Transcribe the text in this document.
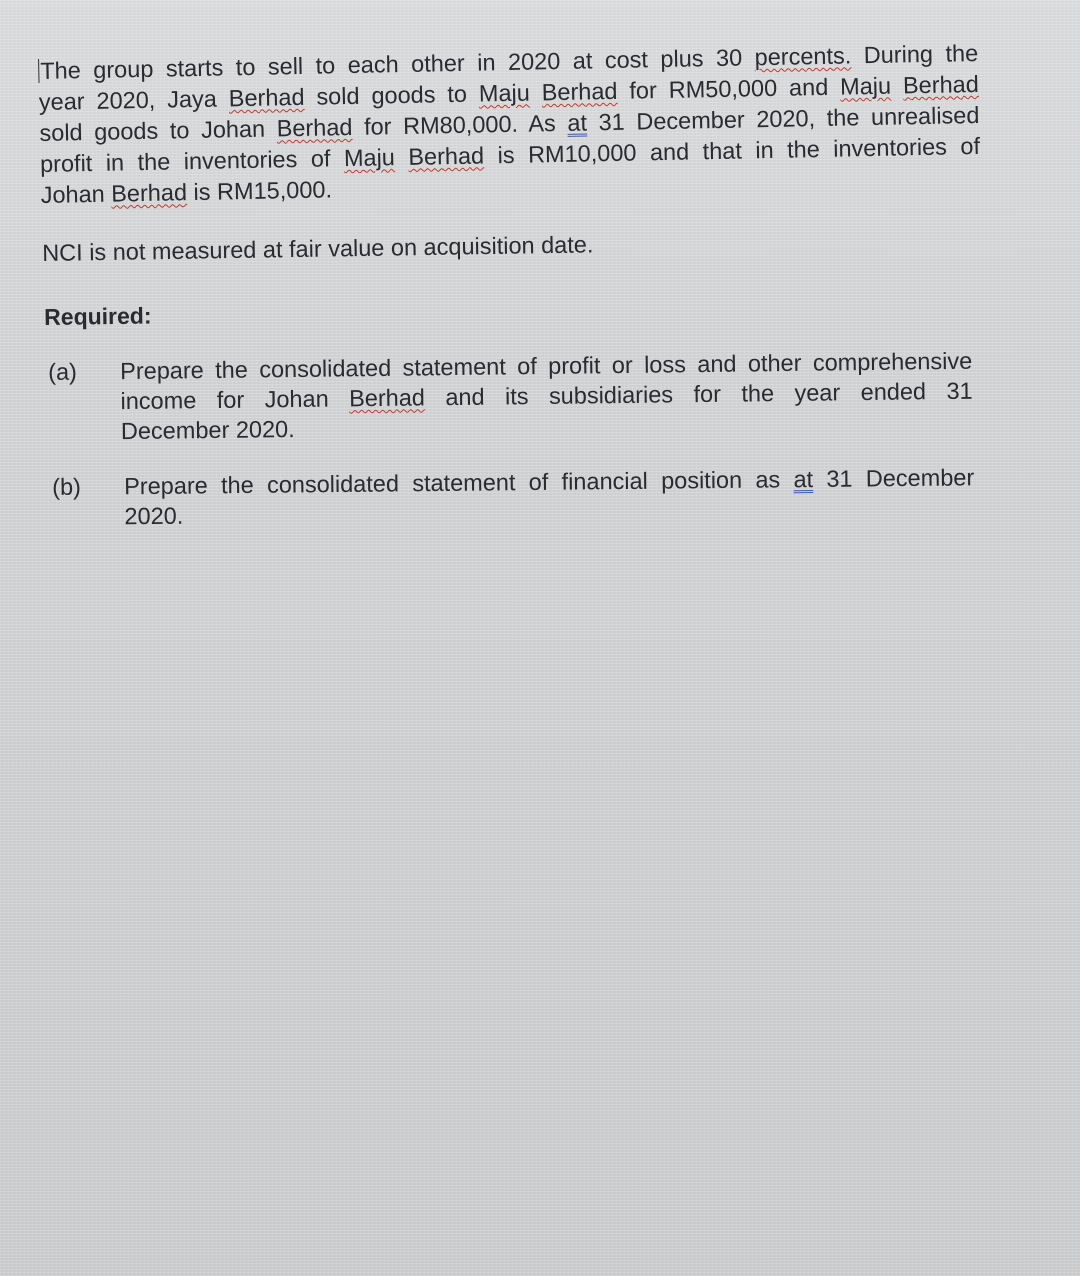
The group starts to sell to each other in 2020 at cost plus 30 percents. During the
year 2020, Jaya Berhad sold goods to Maju Berhad for RM50,000 and Maju Berhad
sold goods to Johan Berhad for RM80,000. As at 31 December 2020, the unrealised
profit in the inventories of Maju Berhad is RM10,000 and that in the inventories of
Johan Berhad is RM15,000.
NCI is not measured at fair value on acquisition date.
Required:
(a) Prepare the consolidated statement of profit or loss and other comprehensive
income for Johan Berhad and its subsidiaries for the year ended 31
December 2020.
(b) Prepare the consolidated statement of financial position as at 31 December
2020.
